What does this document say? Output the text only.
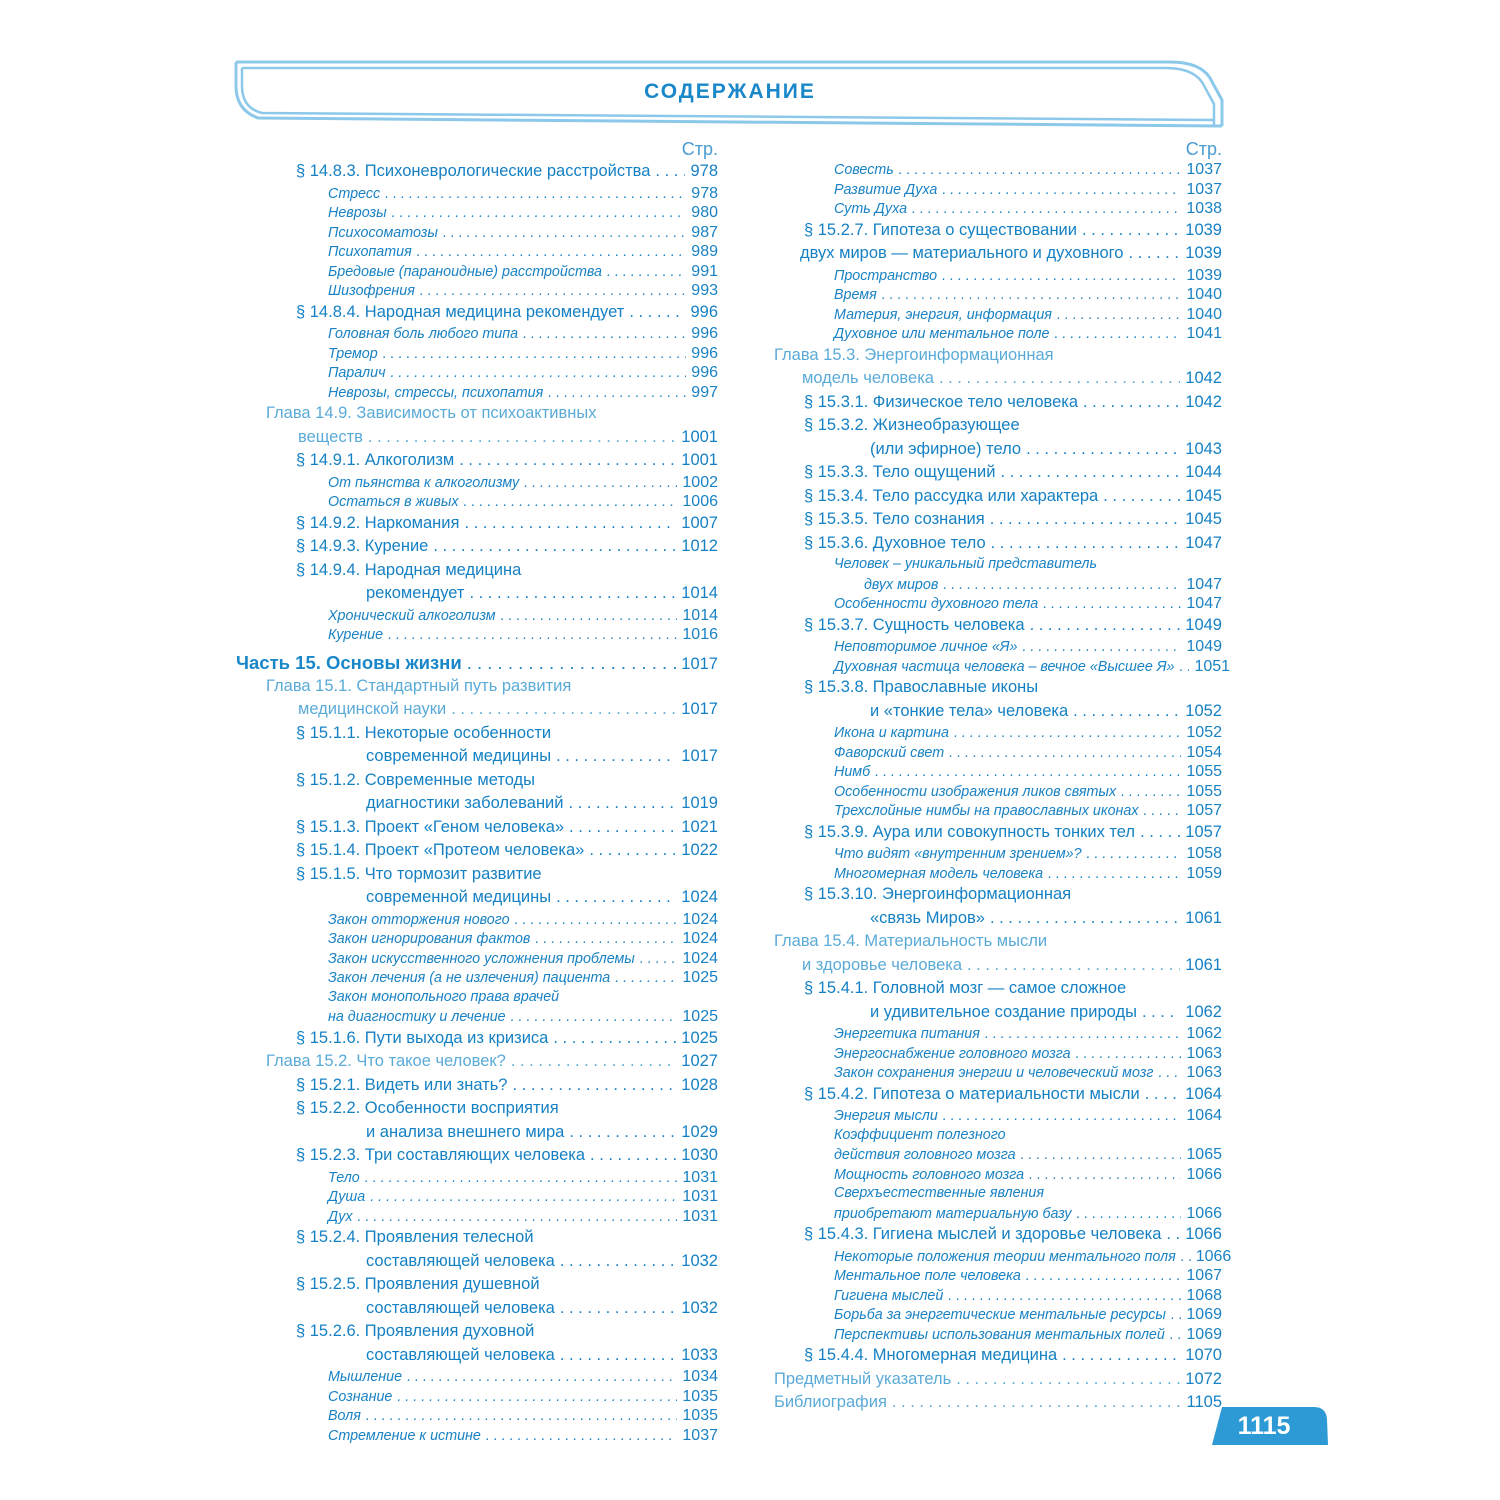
СОДЕРЖАНИЕ
Стр.
§ 14.8.3. Психоневрологические расстройства . . . 978
Стресс . . .	978
Неврозы . . .	980
Психосоматозы . . .	987
Психопатия . . .	989
Бредовые (параноидные) расстройства . . .	991
Шизофрения . . .	993
§ 14.8.4. Народная медицина рекомендует . . .	996
Головная боль любого типа . . .	996
Тремор . . .	996
Паралич . . .	996
Неврозы, стрессы, психопатия . . .	997
Глава 14.9. Зависимость от психоактивных
веществ . . .	1001
§ 14.9.1. Алкоголизм . . .	1001
От пьянства к алкоголизму . . .	1002
Остаться в живых . . .	1006
§ 14.9.2. Наркомания . . .	1007
§ 14.9.3. Курение . . .	1012
§ 14.9.4. Народная медицина
рекомендует . . .	1014
Хронический алкоголизм . . .	1014
Курение . . .	1016
Часть 15. Основы жизни . . .	1017
Глава 15.1. Стандартный путь развития
медицинской науки . . .	1017
§ 15.1.1. Некоторые особенности
современной медицины . . .	1017
§ 15.1.2. Современные методы
диагностики заболеваний . . .	1019
§ 15.1.3. Проект «Геном человека» . . .	1021
§ 15.1.4. Проект «Протеом человека» . . .	1022
§ 15.1.5. Что тормозит развитие
современной медицины . . .	1024
Закон отторжения нового . . .	1024
Закон игнорирования фактов . . .	1024
Закон искусственного усложнения проблемы . . .	1024
Закон лечения (а не излечения) пациента . . .	1025
Закон монопольного права врачей
на диагностику и лечение . . .	1025
§ 15.1.6. Пути выхода из кризиса . . .	1025
Глава 15.2. Что такое человек? . . .	1027
§ 15.2.1. Видеть или знать? . . .	1028
§ 15.2.2. Особенности восприятия
и анализа внешнего мира . . .	1029
§ 15.2.3. Три составляющих человека . . .	1030
Тело . . .	1031
Душа . . .	1031
Дух . . .	1031
§ 15.2.4. Проявления телесной
составляющей человека . . .	1032
§ 15.2.5. Проявления душевной
составляющей человека . . .	1032
§ 15.2.6. Проявления духовной
составляющей человека . . .	1033
Мышление . . .	1034
Сознание . . .	1035
Воля . . .	1035
Стремление к истине . . .	1037
Стр.
Совесть . . .	1037
Развитие Духа . . .	1037
Суть Духа . . .	1038
§ 15.2.7. Гипотеза о существовании . . .	1039
двух миров — материального и духовного . . .	1039
Пространство . . .	1039
Время . . .	1040
Материя, энергия, информация . . .	1040
Духовное или ментальное поле . . .	1041
Глава 15.3. Энергоинформационная
модель человека . . .	1042
§ 15.3.1. Физическое тело человека . . .	1042
§ 15.3.2. Жизнеобразующее
(или эфирное) тело . . .	1043
§ 15.3.3. Тело ощущений . . .	1044
§ 15.3.4. Тело рассудка или характера . . .	1045
§ 15.3.5. Тело сознания . . .	1045
§ 15.3.6. Духовное тело . . .	1047
Человек – уникальный представитель
двух миров . . .	1047
Особенности духовного тела . . .	1047
§ 15.3.7. Сущность человека . . .	1049
Неповторимое личное «Я» . . .	1049
Духовная частица человека – вечное «Высшее Я» . . . 1051
§ 15.3.8. Православные иконы
и «тонкие тела» человека . . .	1052
Икона и картина . . .	1052
Фаворский свет . . .	1054
Нимб . . .	1055
Особенности изображения ликов святых . . .	1055
Трехслойные нимбы на православных иконах . . .	1057
§ 15.3.9. Аура или совокупность тонких тел . . .	1057
Что видят «внутренним зрением»? . . .	1058
Многомерная модель человека . . .	1059
§ 15.3.10. Энергоинформационная
«связь Миров» . . .	1061
Глава 15.4. Материальность мысли
и здоровье человека . . .	1061
§ 15.4.1. Головной мозг — самое сложное
и удивительное создание природы . . .	1062
Энергетика питания . . .	1062
Энергоснабжение головного мозга . . .	1063
Закон сохранения энергии и человеческий мозг . . . 1063
§ 15.4.2. Гипотеза о материальности мысли . . .	1064
Энергия мысли . . .	1064
Коэффициент полезного
действия головного мозга . . .	1065
Мощность головного мозга . . .	1066
Сверхъестественные явления
приобретают материальную базу . . .	1066
§ 15.4.3. Гигиена мыслей и здоровье человека . . . 1066
Некоторые положения теории ментального поля . . . 1066
Ментальное поле человека . . .	1067
Гигиена мыслей . . .	1068
Борьба за энергетические ментальные ресурсы . . . 1069
Перспективы использования ментальных полей . . . 1069
§ 15.4.4. Многомерная медицина . . .	1070
Предметный указатель . . .	1072
Библиография . . .	1105
1115
